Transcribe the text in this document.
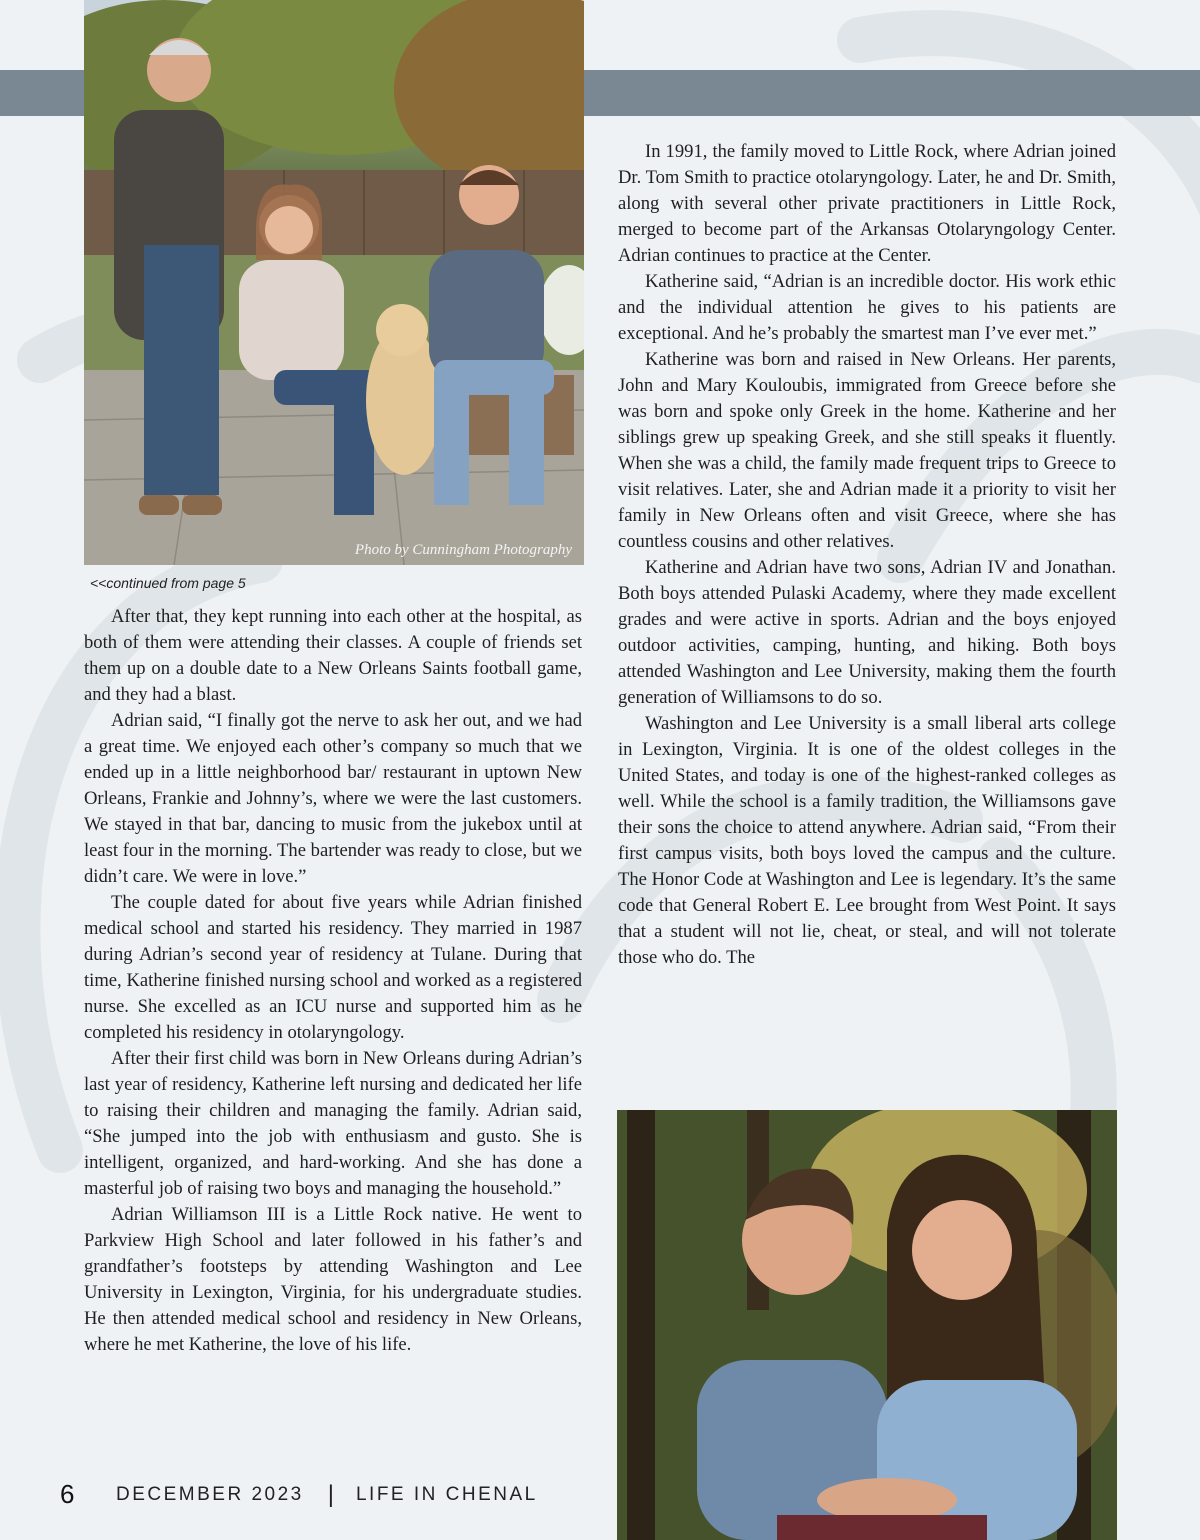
Photo by Cunningham Photography
<<continued from page 5

After that, they kept running into each other at the hospital, as both of them were attending their classes. A couple of friends set them up on a double date to a New Orleans Saints football game, and they had a blast.

Adrian said, “I finally got the nerve to ask her out, and we had a great time. We enjoyed each other’s company so much that we ended up in a little neighborhood bar/ restaurant in uptown New Orleans, Frankie and Johnny’s, where we were the last customers. We stayed in that bar, dancing to music from the jukebox until at least four in the morning. The bartender was ready to close, but we didn’t care. We were in love.”

The couple dated for about five years while Adrian finished medical school and started his residency. They married in 1987 during Adrian’s second year of residency at Tulane. During that time, Katherine finished nursing school and worked as a registered nurse. She excelled as an ICU nurse and supported him as he completed his residency in otolaryngology.

After their first child was born in New Orleans during Adrian’s last year of residency, Katherine left nursing and dedicated her life to raising their children and managing the family. Adrian said, “She jumped into the job with enthusiasm and gusto. She is intelligent, organized, and hard-working. And she has done a masterful job of raising two boys and managing the household.”

Adrian Williamson III is a Little Rock native. He went to Parkview High School and later followed in his father’s and grandfather’s footsteps by attending Washington and Lee University in Lexington, Virginia, for his undergraduate studies. He then attended medical school and residency in New Orleans, where he met Katherine, the love of his life.

In 1991, the family moved to Little Rock, where Adrian joined Dr. Tom Smith to practice otolaryngology. Later, he and Dr. Smith, along with several other private practitioners in Little Rock, merged to become part of the Arkansas Otolaryngology Center. Adrian continues to practice at the Center.

Katherine said, “Adrian is an incredible doctor. His work ethic and the individual attention he gives to his patients are exceptional. And he’s probably the smartest man I’ve ever met.”

Katherine was born and raised in New Orleans. Her parents, John and Mary Kouloubis, immigrated from Greece before she was born and spoke only Greek in the home. Katherine and her siblings grew up speaking Greek, and she still speaks it fluently. When she was a child, the family made frequent trips to Greece to visit relatives. Later, she and Adrian made it a priority to visit her family in New Orleans often and visit Greece, where she has countless cousins and other relatives.

Katherine and Adrian have two sons, Adrian IV and Jonathan. Both boys attended Pulaski Academy, where they made excellent grades and were active in sports. Adrian and the boys enjoyed outdoor activities, camping, hunting, and hiking. Both boys attended Washington and Lee University, making them the fourth generation of Williamsons to do so.

Washington and Lee University is a small liberal arts college in Lexington, Virginia. It is one of the oldest colleges in the United States, and today is one of the highest-ranked colleges as well. While the school is a family tradition, the Williamsons gave their sons the choice to attend anywhere. Adrian said, “From their first campus visits, both boys loved the campus and the culture. The Honor Code at Washington and Lee is legendary. It’s the same code that General Robert E. Lee brought from West Point. It says that a student will not lie, cheat, or steal, and will not tolerate those who do. The

6	DECEMBER 2023 | LIFE IN CHENAL
